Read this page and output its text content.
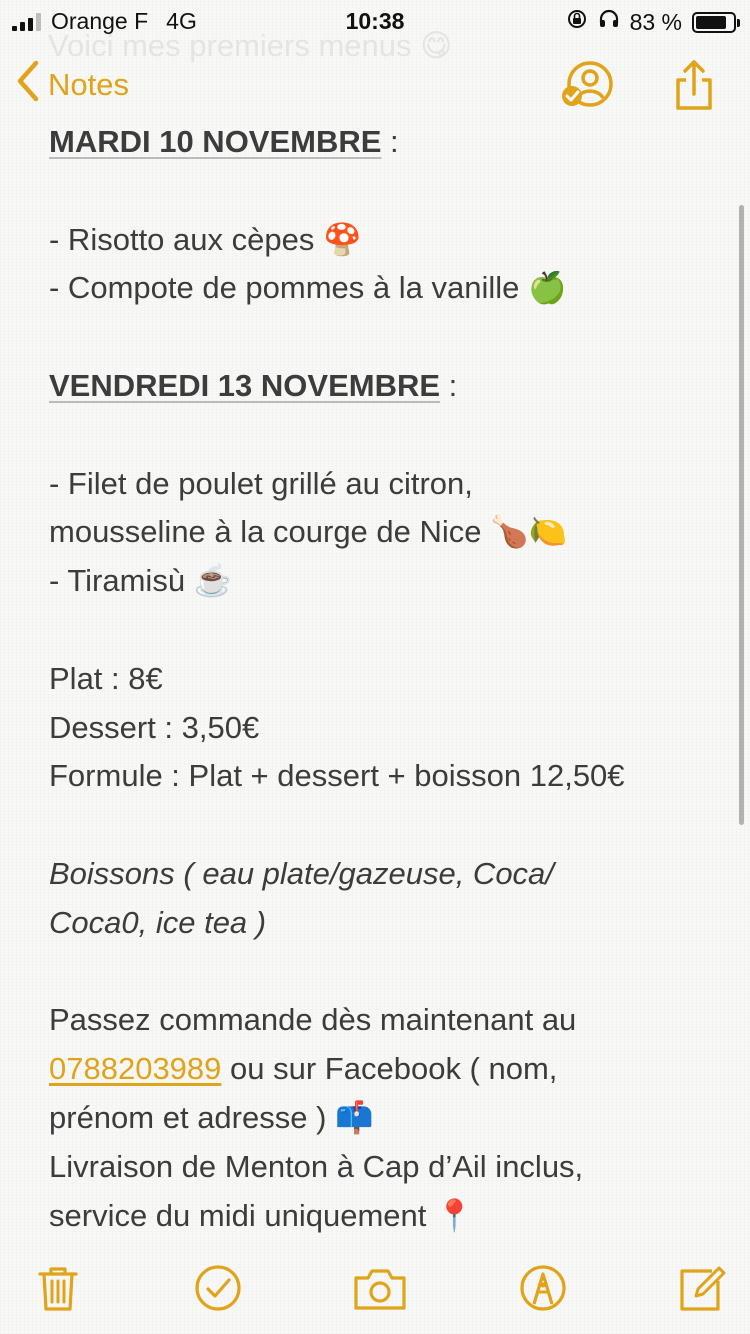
Orange F 4G	10:38	83 %
Voici mes premiers menus 😋
Notes

MARDI 10 NOVEMBRE :

- Risotto aux cèpes 🍄

- Compote de pommes à la vanille 🍏

VENDREDI 13 NOVEMBRE :

- Filet de poulet grillé au citron,

mousseline à la courge de Nice 🍗🍋

- Tiramisù ☕️

Plat : 8€

Dessert : 3,50€

Formule : Plat + dessert + boisson 12,50€

Boissons ( eau plate/gazeuse, Coca/

Coca0, ice tea )

Passez commande dès maintenant au

0788203989 ou sur Facebook ( nom,

prénom et adresse ) 📫

Livraison de Menton à Cap d’Ail inclus,

service du midi uniquement 📍
